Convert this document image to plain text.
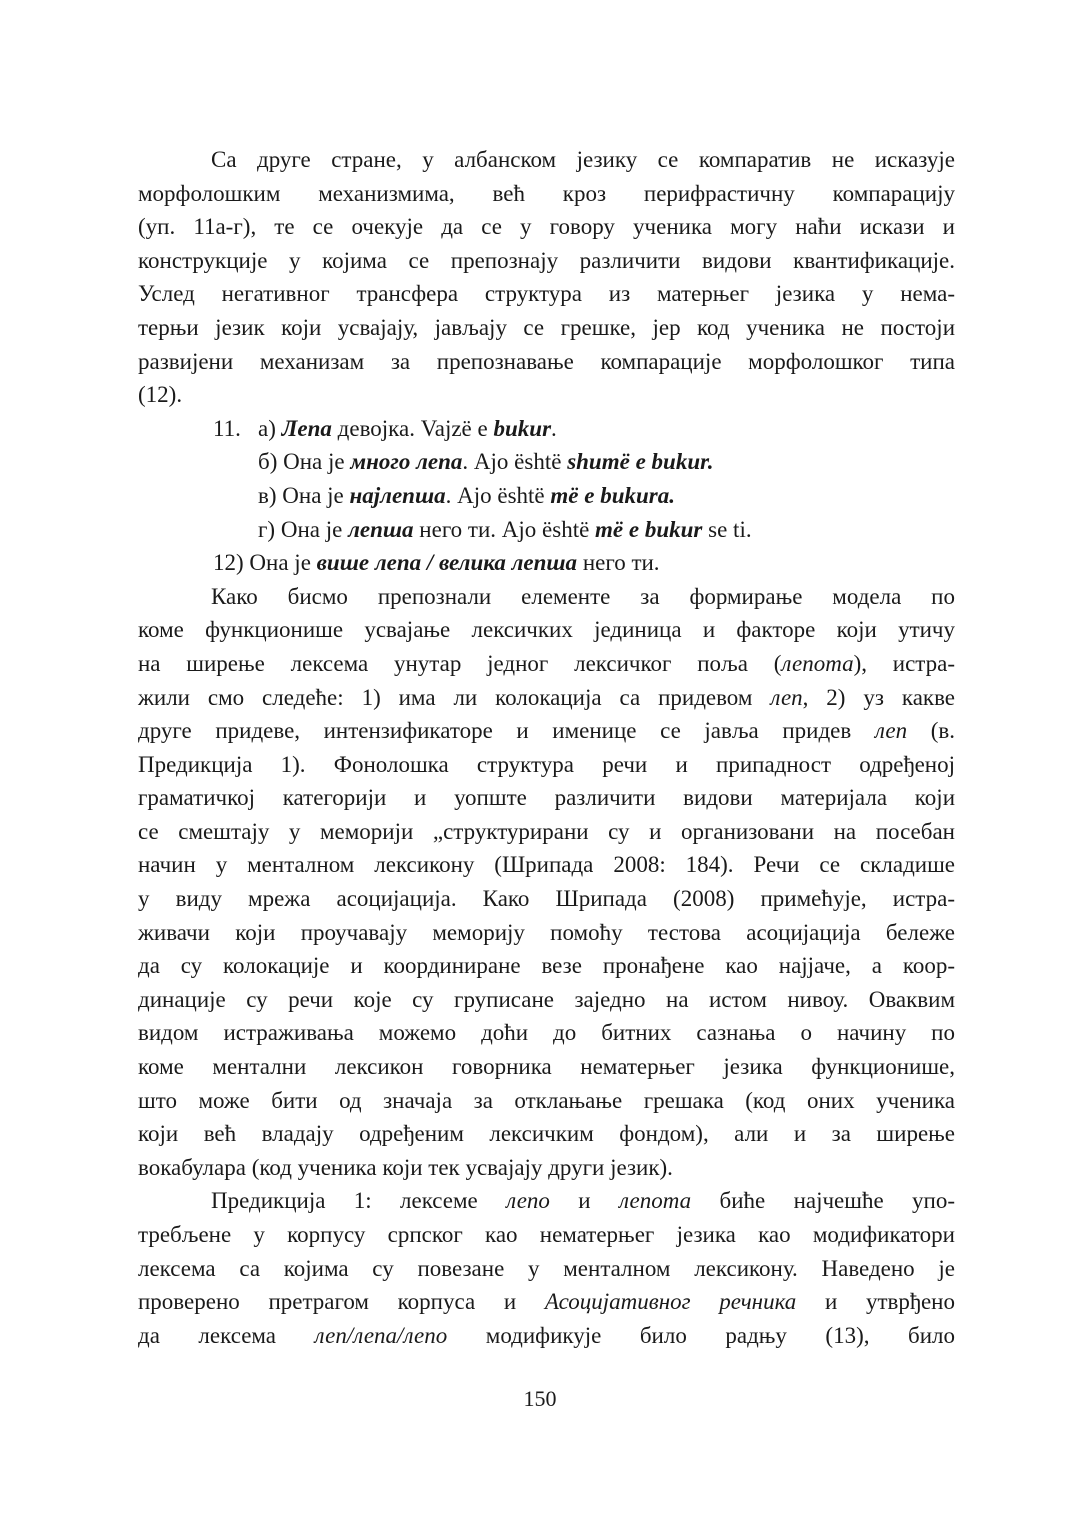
Са друге стране, у албанском језику се компаратив не исказује
морфолошким механизмима, већ кроз перифрастичну компарацију
(уп. 11а-г), те се очекује да се у говору ученика могу наћи искази и
конструкције у којима се препознају различити видови квантификације.
Услед негативног трансфера структура из матерњег језика у нема-
терњи језик који усвајају, јављају се грешке, јер код ученика не постоји
развијени механизам за препознавање компарације морфолошког типа
(12).
11. а) Лепа девојка. Vajzë e bukur.
б) Она је много лепа. Ajo është shumë e bukur.
в) Она је најлепша. Ajo është më e bukura.
г) Она је лепша него ти. Ajo është më e bukur se ti.
12) Она је више лепа / велика лепша него ти.
Како бисмо препознали елементе за формирање модела по
коме функционише усвајање лексичких јединица и факторе који утичу
на ширење лексема унутар једног лексичког поља (лепота), истра-
жили смо следеће: 1) има ли колокација са придевом леп, 2) уз какве
друге придеве, интензификаторе и именице се јавља придев леп (в.
Предикција 1). Фонолошка структура речи и припадност одређеној
граматичкој категорији и уопште различити видови материјала који
се смештају у меморији „структурирани су и организовани на посебан
начин у менталном лексикону (Шрипада 2008: 184). Речи се складише
у виду мрежа асоцијација. Како Шрипада (2008) примећује, истра-
живачи који проучавају меморију помоћу тестова асоцијација бележе
да су колокације и координиране везе пронађене као најјаче, а коор-
динације су речи које су груписане заједно на истом нивоу. Оваквим
видом истраживања можемо доћи до битних сазнања о начину по
коме ментални лексикон говорника нематерњег језика функционише,
што може бити од значаја за отклањање грешака (код оних ученика
који већ владају одређеним лексичким фондом), али и за ширење
вокабулара (код ученика који тек усвајају други језик).
Предикција 1: лексеме лепо и лепота биће најчешће упо-
требљене у корпусу српског као нематерњег језика као модификатори
лексема са којима су повезане у менталном лексикону. Наведено је
проверено претрагом корпуса и Асоцијативног речника и утврђено
да лексема леп/лепа/лепо модификује било радњу (13), било
150
